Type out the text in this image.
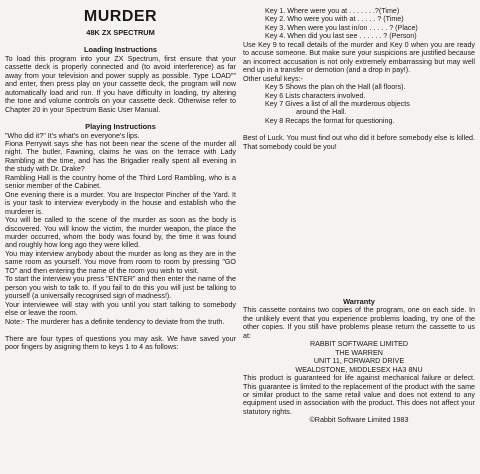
MURDER
48K ZX SPECTRUM
Loading Instructions

To load this program into your ZX Spectrum, first ensure that your cassette deck is properly connected and (to avoid interference) as far away from your television and power supply as possible. Type LOAD"" and enter, then press play on your cassette deck, the program will now automatically load and run. If you have difficulty in loading, try altering the tone and volume controls on your cassette deck. Otherwise refer to Chapter 20 in your Spectrum Basic User Manual.

Playing Instructions

"Who did it?" It's what's on everyone's lips.

Fiona Perrywit says she has not been near the scene of the murder all night. The butler, Fawning, claims he was on the terrace with Lady Rambling at the time, and has the Brigadier really spent all evening in the study with Dr. Drake?

Rambling Hall is the country home of the Third Lord Rambling, who is a senior member of the Cabinet.

One evening there is a murder. You are Inspector Pincher of the Yard. It is your task to interview everybody in the house and establish who the murderer is.

You will be called to the scene of the murder as soon as the body is discovered. You will know the victim, the murder weapon, the place the murder occurred, whom the body was found by, the time it was found and roughly how long ago they were killed.

You may interview anybody about the murder as long as they are in the same room as yourself. You move from room to room by pressing "GO TO" and then entering the name of the room you wish to visit.

To start the interview you press "ENTER" and then enter the name of the person you wish to talk to. If you fail to do this you will just be talking to yourself (a universally recognised sign of madness!).

Your interviewee will stay with you until you start talking to somebody else or leave the room.

Note:- The murderer has a definite tendency to deviate from the truth.

There are four types of questions you may ask. We have saved your poor fingers by asigning them to keys 1 to 4 as follows:

Key 1. Where were you at . . . . . . .?(Time)
Key 2. Who were you with at . . . . . ? (Time)
Key 3. When were you last in/on . . . . . ? (Place)
Key 4. When did you last see . . . . . . ? (Person)

Use Key 9 to recall details of the murder and Key 0 when you are ready to accuse someone. But make sure your suspicions are justified because an incorrect accusation is not only extremely embarrassing but may well end up in a transfer or demotion (and a drop in pay!).

Other useful keys:-
Key 5 Shows the plan oh the Hall (all floors).
Key 6 Lists characters involved.
Key 7 Gives a list of all the murderous objects
around the Hall.
Key 8 Recaps the format for questioning.

Best of Luck. You must find out who did it before somebody else is killed. That somebody could be you!

Warranty

This cassette contains two copies of the program, one on each side. In the unlikely event that you experience problems loading, try one of the other copies. If you still have problems please return the cassette to us at:

RABBIT SOFTWARE LIMITED
THE WARREN
UNIT 11, FORWARD DRIVE
WEALDSTONE, MIDDLESEX HA3 8NU

This product is guaranteed for life against mechanical failure or defect. This guarantee is limited to the replacement of the product with the same or similar product to the same retail value and does not extend to any equipment used in association with the product. This does not affect your statutory rights.

©Rabbit Software Limited 1983
